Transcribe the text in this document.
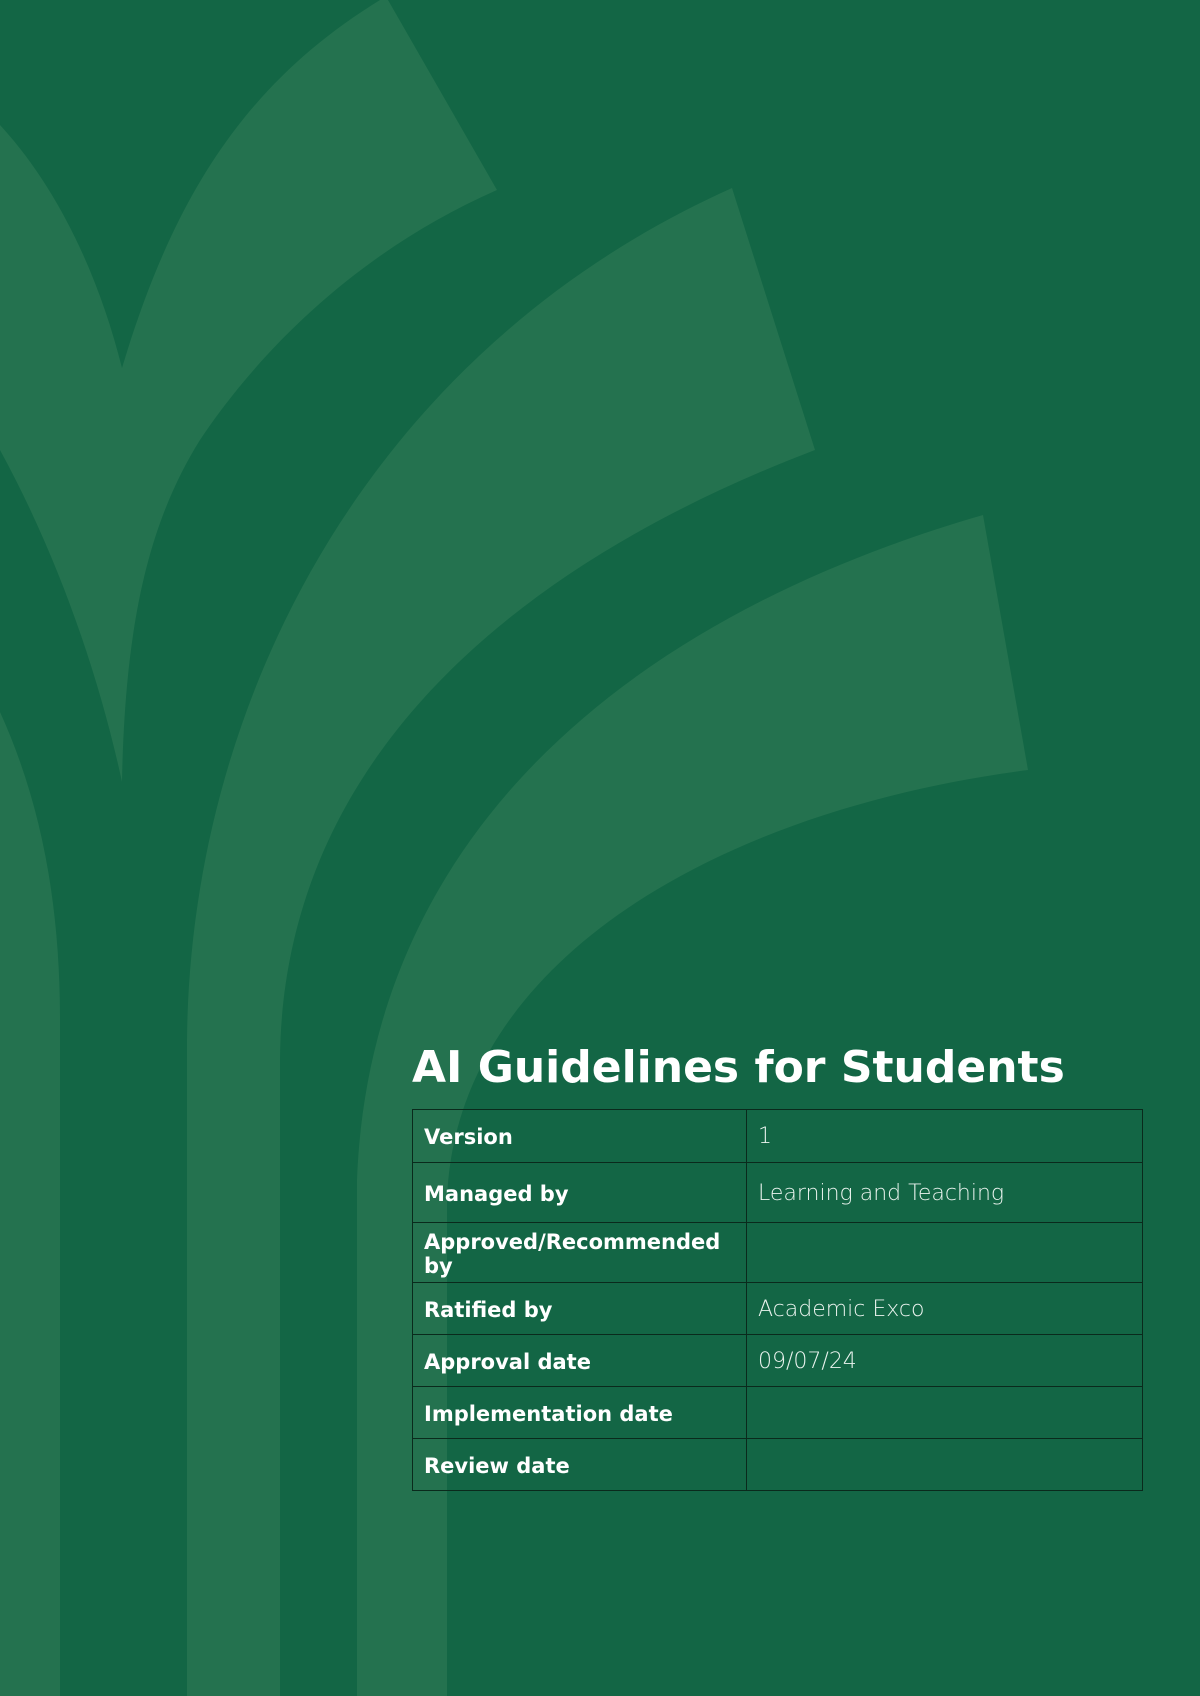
AI Guidelines for Students
Version	1
Managed by	Learning and Teaching
Approved/Recommended by	
Ratified by	Academic Exco
Approval date	09/07/24
Implementation date	
Review date	
